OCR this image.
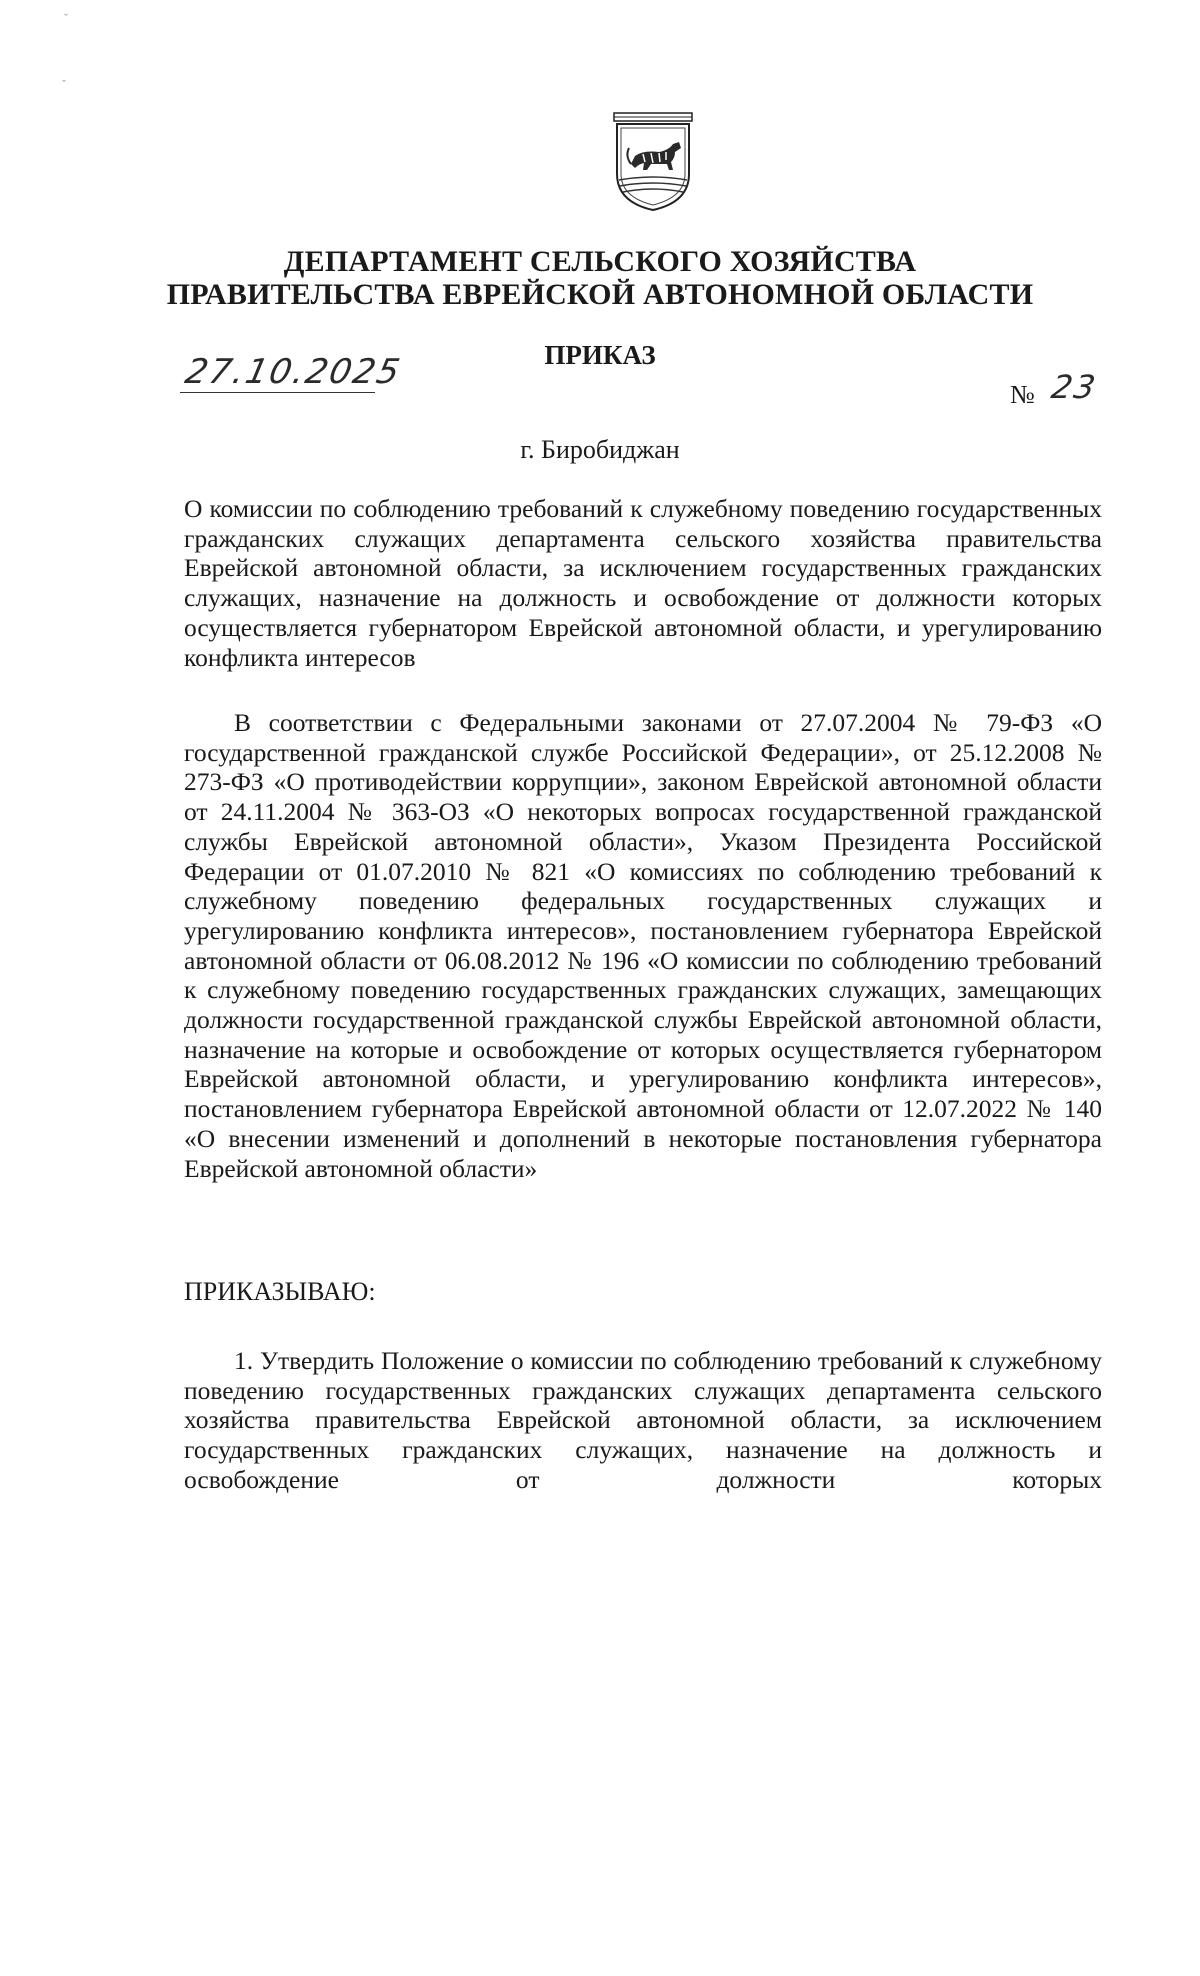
ˇ
ˇ
ДЕПАРТАМЕНТ СЕЛЬСКОГО ХОЗЯЙСТВА
ПРАВИТЕЛЬСТВА ЕВРЕЙСКОЙ АВТОНОМНОЙ ОБЛАСТИ
ПРИКАЗ
27.10.2025
№ 23
г. Биробиджан
О комиссии по соблюдению требований к служебному поведению государственных гражданских служащих департамента сельского хозяйства правительства Еврейской автономной области, за исключением государственных гражданских служащих, назначение на должность и освобождение от должности которых осуществляется губернатором Еврейской автономной области, и урегулированию конфликта интересов
В соответствии с Федеральными законами от 27.07.2004 № 79-ФЗ «О государственной гражданской службе Российской Федерации», от 25.12.2008 № 273-ФЗ «О противодействии коррупции», законом Еврейской автономной области от 24.11.2004 № 363-ОЗ «О некоторых вопросах государственной гражданской службы Еврейской автономной области», Указом Президента Российской Федерации от 01.07.2010 № 821 «О комиссиях по соблюдению требований к служебному поведению федеральных государственных служащих и урегулированию конфликта интересов», постановлением губернатора Еврейской автономной области от 06.08.2012 № 196 «О комиссии по соблюдению требований к служебному поведению государственных гражданских служащих, замещающих должности государственной гражданской службы Еврейской автономной области, назначение на которые и освобождение от которых осуществляется губернатором Еврейской автономной области, и урегулированию конфликта интересов», постановлением губернатора Еврейской автономной области от 12.07.2022 № 140 «О внесении изменений и дополнений в некоторые постановления губернатора Еврейской автономной области»
ПРИКАЗЫВАЮ:
1. Утвердить Положение о комиссии по соблюдению требований к служебному поведению государственных гражданских служащих департамента сельского хозяйства правительства Еврейской автономной области, за исключением государственных гражданских служащих, назначение на должность и освобождение от должности которых
